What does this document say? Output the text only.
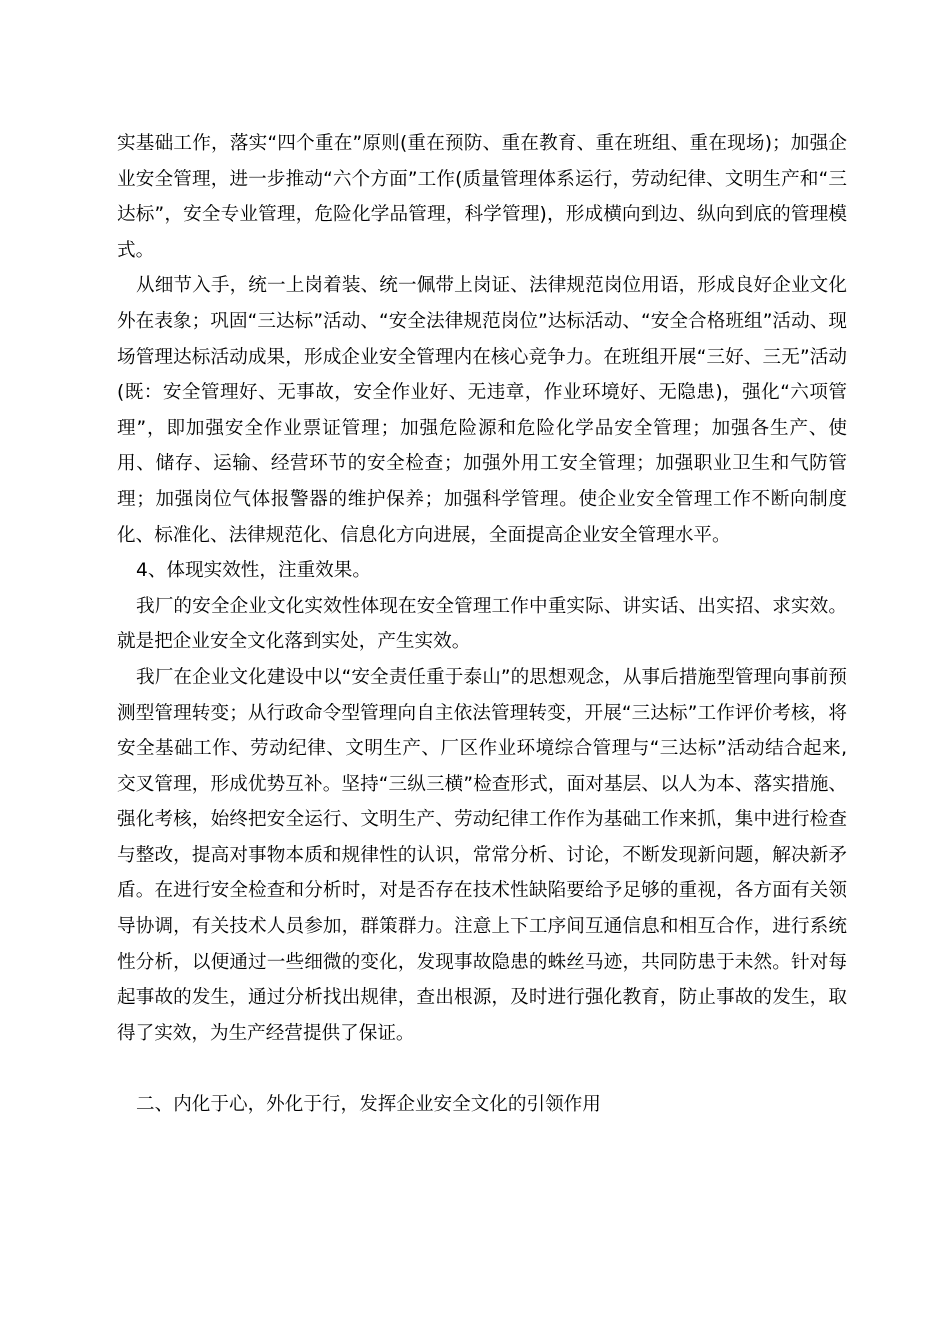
实基础工作，落实“四个重在”原则(重在预防、重在教育、重在班组、重在现场)；加强企业安全管理，进一步推动“六个方面”工作(质量管理体系运行，劳动纪律、文明生产和“三达标”，安全专业管理，危险化学品管理，科学管理)，形成横向到边、纵向到底的管理模式。

从细节入手，统一上岗着装、统一佩带上岗证、法律规范岗位用语，形成良好企业文化外在表象；巩固“三达标”活动、“安全法律规范岗位”达标活动、“安全合格班组”活动、现场管理达标活动成果，形成企业安全管理内在核心竞争力。在班组开展“三好、三无”活动(既：安全管理好、无事故，安全作业好、无违章，作业环境好、无隐患)，强化“六项管理”，即加强安全作业票证管理；加强危险源和危险化学品安全管理；加强各生产、使用、储存、运输、经营环节的安全检查；加强外用工安全管理；加强职业卫生和气防管理；加强岗位气体报警器的维护保养；加强科学管理。使企业安全管理工作不断向制度化、标准化、法律规范化、信息化方向进展，全面提高企业安全管理水平。

4、体现实效性，注重效果。

我厂的安全企业文化实效性体现在安全管理工作中重实际、讲实话、出实招、求实效。就是把企业安全文化落到实处，产生实效。

我厂在企业文化建设中以“安全责任重于泰山”的思想观念，从事后措施型管理向事前预测型管理转变；从行政命令型管理向自主依法管理转变，开展“三达标”工作评价考核，将安全基础工作、劳动纪律、文明生产、厂区作业环境综合管理与“三达标”活动结合起来,交叉管理，形成优势互补。坚持“三纵三横”检查形式，面对基层、以人为本、落实措施、强化考核，始终把安全运行、文明生产、劳动纪律工作作为基础工作来抓，集中进行检查与整改，提高对事物本质和规律性的认识，常常分析、讨论，不断发现新问题，解决新矛盾。在进行安全检查和分析时，对是否存在技术性缺陷要给予足够的重视，各方面有关领导协调，有关技术人员参加，群策群力。注意上下工序间互通信息和相互合作，进行系统性分析，以便通过一些细微的变化，发现事故隐患的蛛丝马迹，共同防患于未然。针对每起事故的发生，通过分析找出规律，查出根源，及时进行强化教育，防止事故的发生，取得了实效，为生产经营提供了保证。

二、内化于心，外化于行，发挥企业安全文化的引领作用
